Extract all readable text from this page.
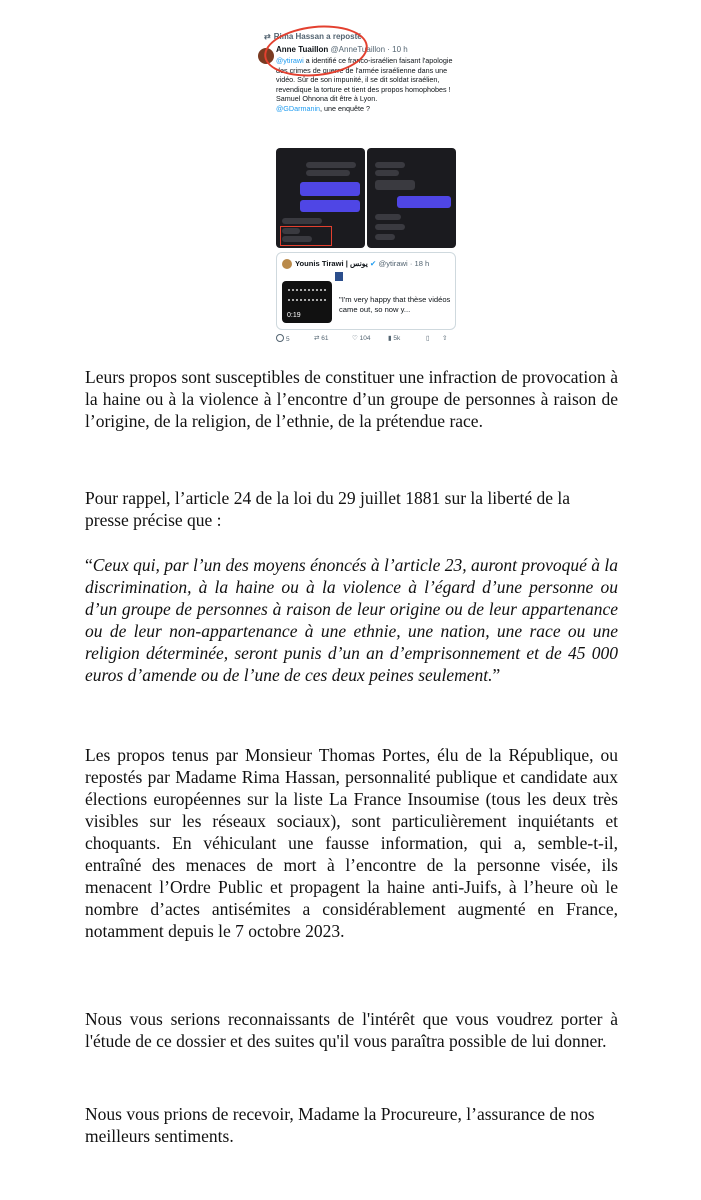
⇄ Rima Hassan a reposté
Anne Tuaillon @AnneTuaillon · 10 h
@ytirawi a identifié ce franco-israélien faisant l'apologie des crimes de guerre de l'armée israélienne dans une vidéo. Sûr de son impunité, il se dit soldat israélien, revendique la torture et tient des propos homophobes ! Samuel Ohnona dit être à Lyon.
@GDarmanin, une enquête ?
Younis Tirawi | يونس ✔ @ytirawi · 18 h
0:19
"I'm very happy that thèse vidéos came out, so now y...
5	⇄ 61	♡ 104	▮ 5k	▯ ⇧

Leurs propos sont susceptibles de constituer une infraction de provocation à la haine ou à la violence à l’encontre d’un groupe de personnes à raison de l’origine, de la religion, de l’ethnie, de la prétendue race.

Pour rappel, l’article 24 de la loi du 29 juillet 1881 sur la liberté de la presse précise que :

“Ceux qui, par l’un des moyens énoncés à l’article 23, auront provoqué à la discrimination, à la haine ou à la violence à l’égard d’une personne ou d’un groupe de personnes à raison de leur origine ou de leur appartenance ou de leur non-appartenance à une ethnie, une nation, une race ou une religion déterminée, seront punis d’un an d’emprisonnement et de 45 000 euros d’amende ou de l’une de ces deux peines seulement.”

Les propos tenus par Monsieur Thomas Portes, élu de la République, ou repostés par Madame Rima Hassan, personnalité publique et candidate aux élections européennes sur la liste La France Insoumise (tous les deux très visibles sur les réseaux sociaux), sont particulièrement inquiétants et choquants. En véhiculant une fausse information, qui a, semble-t-il, entraîné des menaces de mort à l’encontre de la personne visée, ils menacent l’Ordre Public et propagent la haine anti-Juifs, à l’heure où le nombre d’actes antisémites a considérablement augmenté en France, notamment depuis le 7 octobre 2023.

Nous vous serions reconnaissants de l'intérêt que vous voudrez porter à l'étude de ce dossier et des suites qu'il vous paraîtra possible de lui donner.

Nous vous prions de recevoir, Madame la Procureure, l’assurance de nos meilleurs sentiments.
